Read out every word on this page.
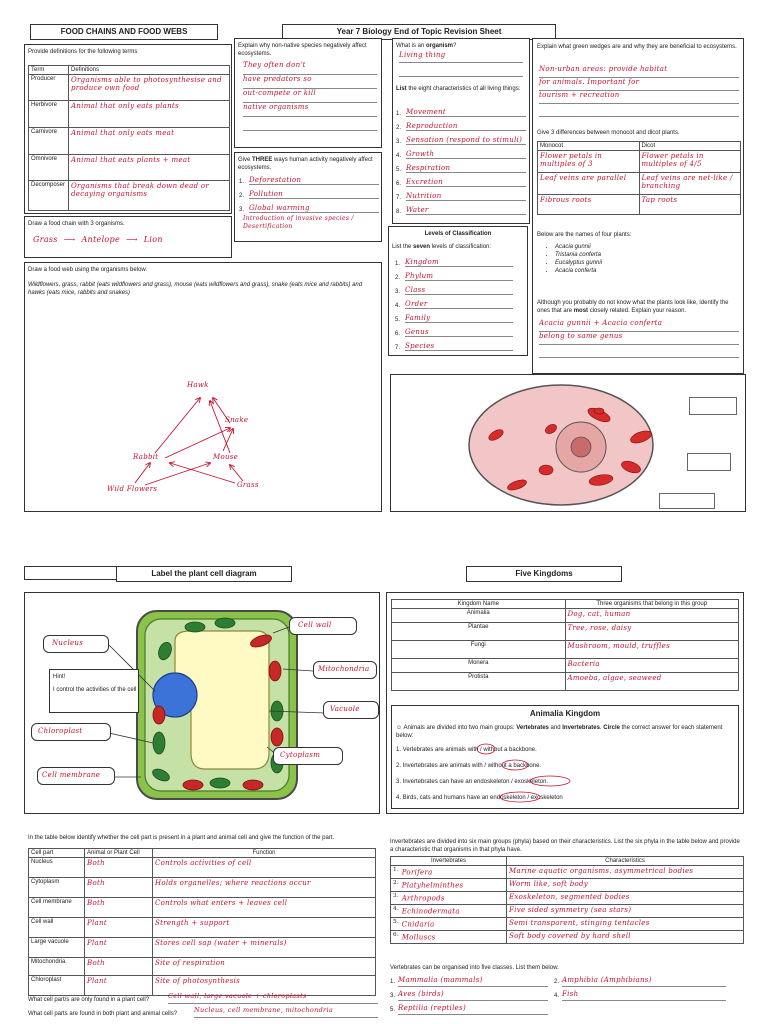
FOOD CHAINS AND FOOD WEBS
Provide definitions for the following terms
Term	Definitions
Producer	Organisms able to photosynthesise and produce own food
Herbivore	Animal that only eats plants
Carnivore	Animal that only eats meat
Omnivore	Animal that eats plants + meat
Decomposer	Organisms that break down dead or decaying organisms
Draw a food chain with 3 organisms.
Grass ⟶ Antelope ⟶ Lion
Draw a food web using the organisms below.
Wildflowers, grass, rabbit (eats wildflowers and grass), mouse (eats wildflowers and grass), snake (eats mice and rabbits) and hawks (eats mice, rabbits and snakes)
Hawk
Snake
Rabbit	Mouse
Wild Flowers	Grass
Year 7 Biology End of Topic Revision Sheet
Explain why non-native species negatively affect ecosystems.
They often don't
have predators so
out-compete or kill
native organisms
Give THREE ways human activity negatively affect ecosystems.
1. Deforestation
2. Pollution
3. Global warming
Introduction of invasive species / Desertification
What is an organism?
Living thing
List the eight characteristics of all living things:
1. Movement
2. Reproduction
3. Sensation (respond to stimuli)
4. Growth
5. Respiration
6. Excretion
7. Nutrition
8. Water
Levels of Classification
List the seven levels of classification:
1. Kingdom
2. Phylum
3. Class
4. Order
5. Family
6. Genus
7. Species
Explain what green wedges are and why they are beneficial to ecosystems.
Non-urban areas: provide habitat
for animals. Important for
tourism + recreation
Give 3 differences between monocot and dicot plants.
Monocot	Dicot
Flower petals in multiples of 3	Flower petals in multiples of 4/5
Leaf veins are parallel	Leaf veins are net-like / branching
Fibrous roots	Tap roots
Below are the names of four plants:
• Acacia gunnii
• Tristania conferta
• Eucalyptus gunnii
• Acacia conferta
Although you probably do not know what the plants look like, identify the ones that are most closely related. Explain your reason.
Acacia gunnii + Acacia conferta
belong to same genus
Label the plant cell diagram
Nucleus
Hint!
I control the activities of the cell
Chloroplast
Cell membrane
Cell wall
Mitochondria
Vacuole
Cytoplasm
Five Kingdoms
Kingdom Name	Three organisms that belong in this group
Animalia	Dog, cat, human
Plantae	Tree, rose, daisy
Fungi	Mushroom, mould, truffles
Monera	Bacteria
Protista	Amoeba, algae, seaweed
Animalia Kingdom
☺ Animals are divided into two main groups: Vertebrates and Invertebrates. Circle the correct answer for each statement below:
1. Vertebrates are animals with / without a backbone.
2. Invertebrates are animals with / without a backbone.
3. Invertebrates can have an endoskeleton / exoskeleton.
4. Birds, cats and humans have an endoskeleton / exoskeleton
In the table below identify whether the cell part is present in a plant and animal cell and give the function of the part.
Cell part	Animal or Plant Cell	Function
Nucleus	Both	Controls activities of cell
Cytoplasm	Both	Holds organelles; where reactions occur
Cell membrane	Both	Controls what enters + leaves cell
Cell wall	Plant	Strength + support
Large vacuole	Plant	Stores cell sap (water + minerals)
Mitochondria	Both	Site of respiration
Chloroplast	Plant	Site of photosynthesis
What cell part/s are only found in a plant cell?	Cell wall, large vacuole + chloroplasts
What cell parts are found in both plant and animal cells?	Nucleus, cell membrane, mitochondria
Invertebrates are divided into six main groups (phyla) based on their characteristics. List the six phyla in the table below and provide a characteristic that organisms in that phyla have.
Invertebrates	Characteristics
$^{1.}$ Porifera	Marine aquatic organisms, asymmetrical bodies
$^{2.}$ Platyhelminthes	Worm like, soft body
$^{3.}$ Arthropods	Exoskeleton, segmented bodies
$^{4.}$ Echinodermata	Five sided symmetry (sea stars)
$^{5.}$ Cnidaria	Semi transparent, stinging tentacles
$^{6.}$ Molluscs	Soft body covered by hard shell
Vertebrates can be organised into five classes. List them below.
1. Mammalia (mammals)	2. Amphibia (Amphibians)
3. Aves (birds)	4. Fish
5. Reptilia (reptiles)
